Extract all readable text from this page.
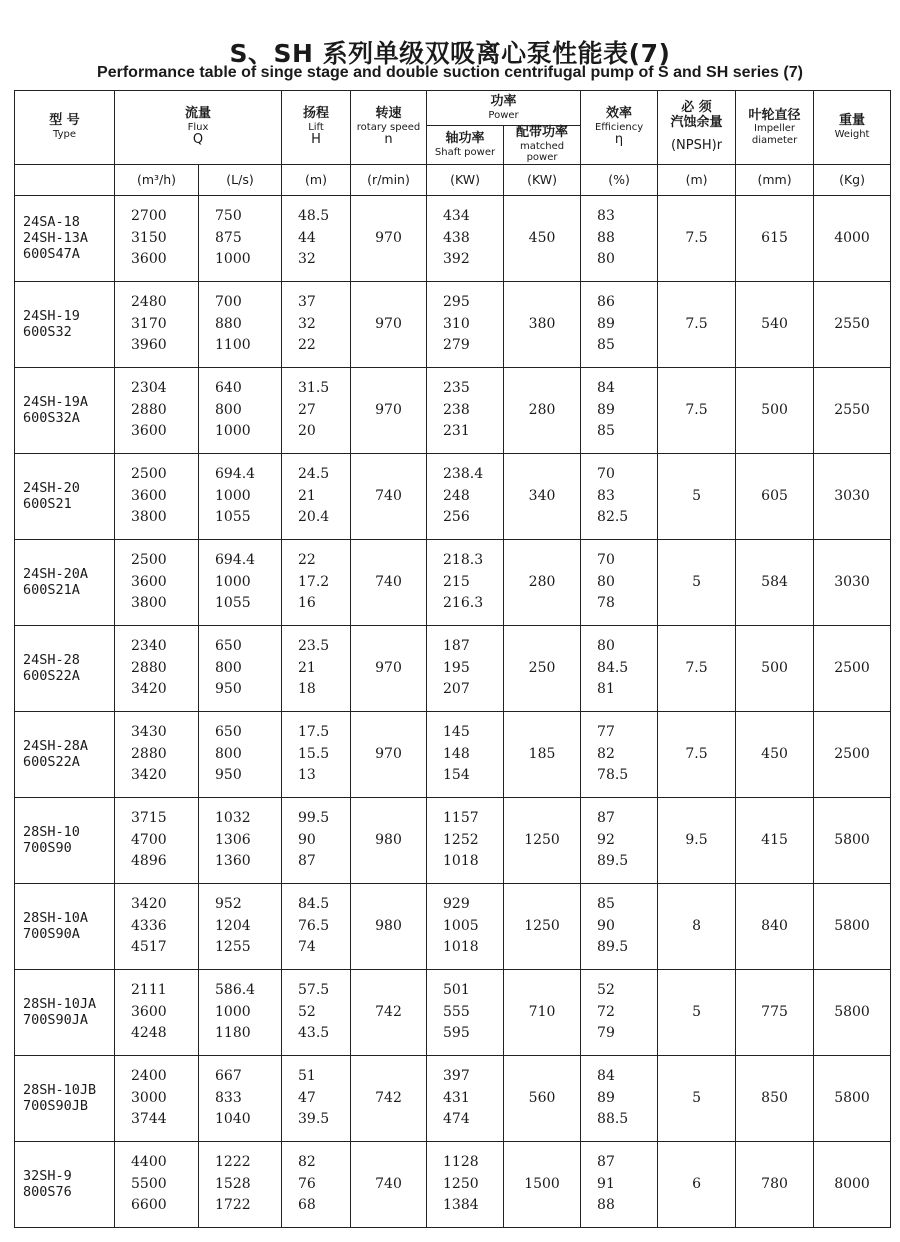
S、SH 系列单级双吸离心泵性能表(7)
Performance table of singe stage and double suction centrifugal pump of S and SH series (7)
型 号
Type	流量
Flux
Q		扬程
Lift
H	转速
rotary speed
n	功率
Power		效率
Efficiency
η	必 须
汽蚀余量
(NPSH)r	叶轮直径
Impeller
diameter	重量
Weight

					轴功率
Shaft power	配带功率
matched power				

	(m³/h)	(L/s)	(m)	(r/min)	(KW)	(KW)	(%)	(m)	(mm)	(Kg)

24SA-18
24SH-13A
600S47A	2700
3150
3600	750
875
1000	48.5
44
32	970	434
438
392	450	83
88
80	7.5	615	4000

24SH-19
600S32	2480
3170
3960	700
880
1100	37
32
22	970	295
310
279	380	86
89
85	7.5	540	2550

24SH-19A
600S32A	2304
2880
3600	640
800
1000	31.5
27
20	970	235
238
231	280	84
89
85	7.5	500	2550

24SH-20
600S21	2500
3600
3800	694.4
1000
1055	24.5
21
20.4	740	238.4
248
256	340	70
83
82.5	5	605	3030

24SH-20A
600S21A	2500
3600
3800	694.4
1000
1055	22
17.2
16	740	218.3
215
216.3	280	70
80
78	5	584	3030

24SH-28
600S22A	2340
2880
3420	650
800
950	23.5
21
18	970	187
195
207	250	80
84.5
81	7.5	500	2500

24SH-28A
600S22A	3430
2880
3420	650
800
950	17.5
15.5
13	970	145
148
154	185	77
82
78.5	7.5	450	2500

28SH-10
700S90	3715
4700
4896	1032
1306
1360	99.5
90
87	980	1157
1252
1018	1250	87
92
89.5	9.5	415	5800

28SH-10A
700S90A	3420
4336
4517	952
1204
1255	84.5
76.5
74	980	929
1005
1018	1250	85
90
89.5	8	840	5800

28SH-10JA
700S90JA	2111
3600
4248	586.4
1000
1180	57.5
52
43.5	742	501
555
595	710	52
72
79	5	775	5800

28SH-10JB
700S90JB	2400
3000
3744	667
833
1040	51
47
39.5	742	397
431
474	560	84
89
88.5	5	850	5800

32SH-9
800S76	4400
5500
6600	1222
1528
1722	82
76
68	740	1128
1250
1384	1500	87
91
88	6	780	8000
